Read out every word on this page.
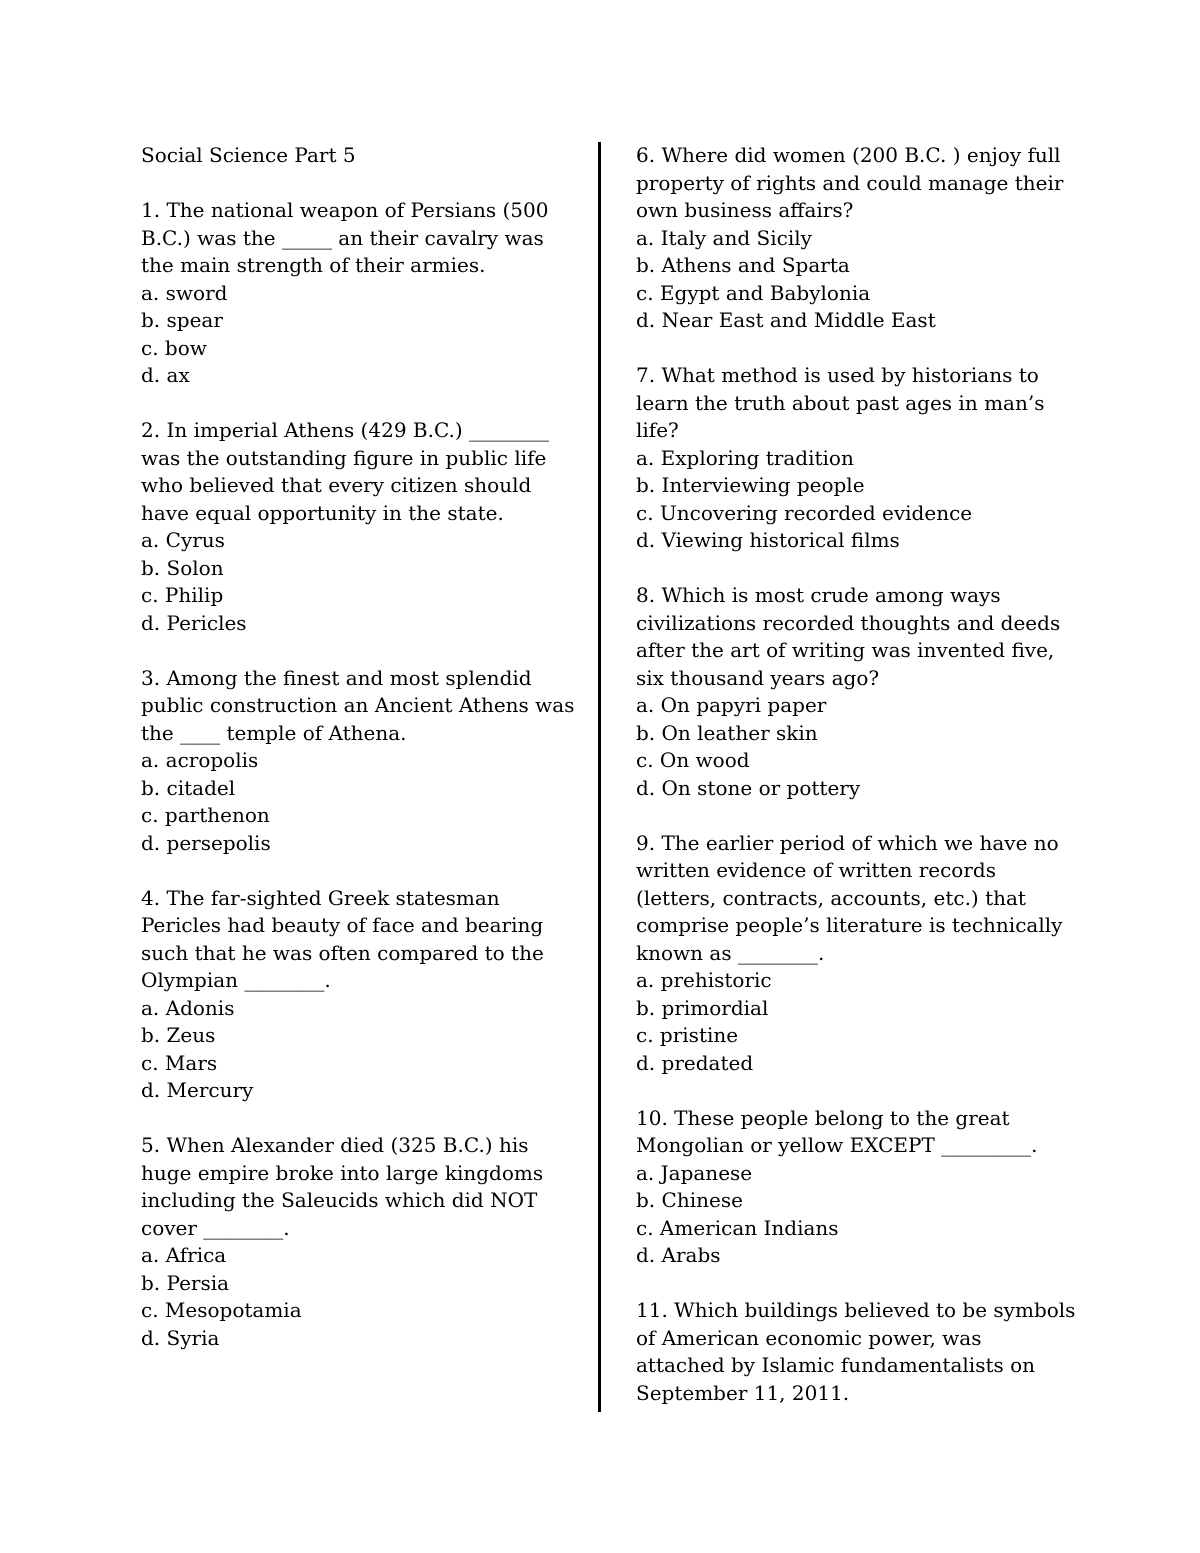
Social Science Part 5
1. The national weapon of Persians (500 B.C.) was the _____ an their cavalry was the main strength of their armies.
a. sword
b. spear
c. bow
d. ax
2. In imperial Athens (429 B.C.) ________ was the outstanding figure in public life who believed that every citizen should have equal opportunity in the state.
a. Cyrus
b. Solon
c. Philip
d. Pericles
3. Among the finest and most splendid public construction an Ancient Athens was the ____ temple of Athena.
a. acropolis
b. citadel
c. parthenon
d. persepolis
4. The far-sighted Greek statesman Pericles had beauty of face and bearing such that he was often compared to the Olympian ________.
a. Adonis
b. Zeus
c. Mars
d. Mercury
5. When Alexander died (325 B.C.) his huge empire broke into large kingdoms including the Saleucids which did NOT cover ________.
a. Africa
b. Persia
c. Mesopotamia
d. Syria
6. Where did women (200 B.C. ) enjoy full property of rights and could manage their own business affairs?
a. Italy and Sicily
b. Athens and Sparta
c. Egypt and Babylonia
d. Near East and Middle East
7. What method is used by historians to learn the truth about past ages in man’s life?
a. Exploring tradition
b. Interviewing people
c. Uncovering recorded evidence
d. Viewing historical films
8. Which is most crude among ways civilizations recorded thoughts and deeds after the art of writing was invented five, six thousand years ago?
a. On papyri paper
b. On leather skin
c. On wood
d. On stone or pottery
9. The earlier period of which we have no written evidence of written records (letters, contracts, accounts, etc.) that comprise people’s literature is technically known as ________.
a. prehistoric
b. primordial
c. pristine
d. predated
10. These people belong to the great Mongolian or yellow EXCEPT _________.
a. Japanese
b. Chinese
c. American Indians
d. Arabs
11. Which buildings believed to be symbols of American economic power, was attached by Islamic fundamentalists on September 11, 2011.
